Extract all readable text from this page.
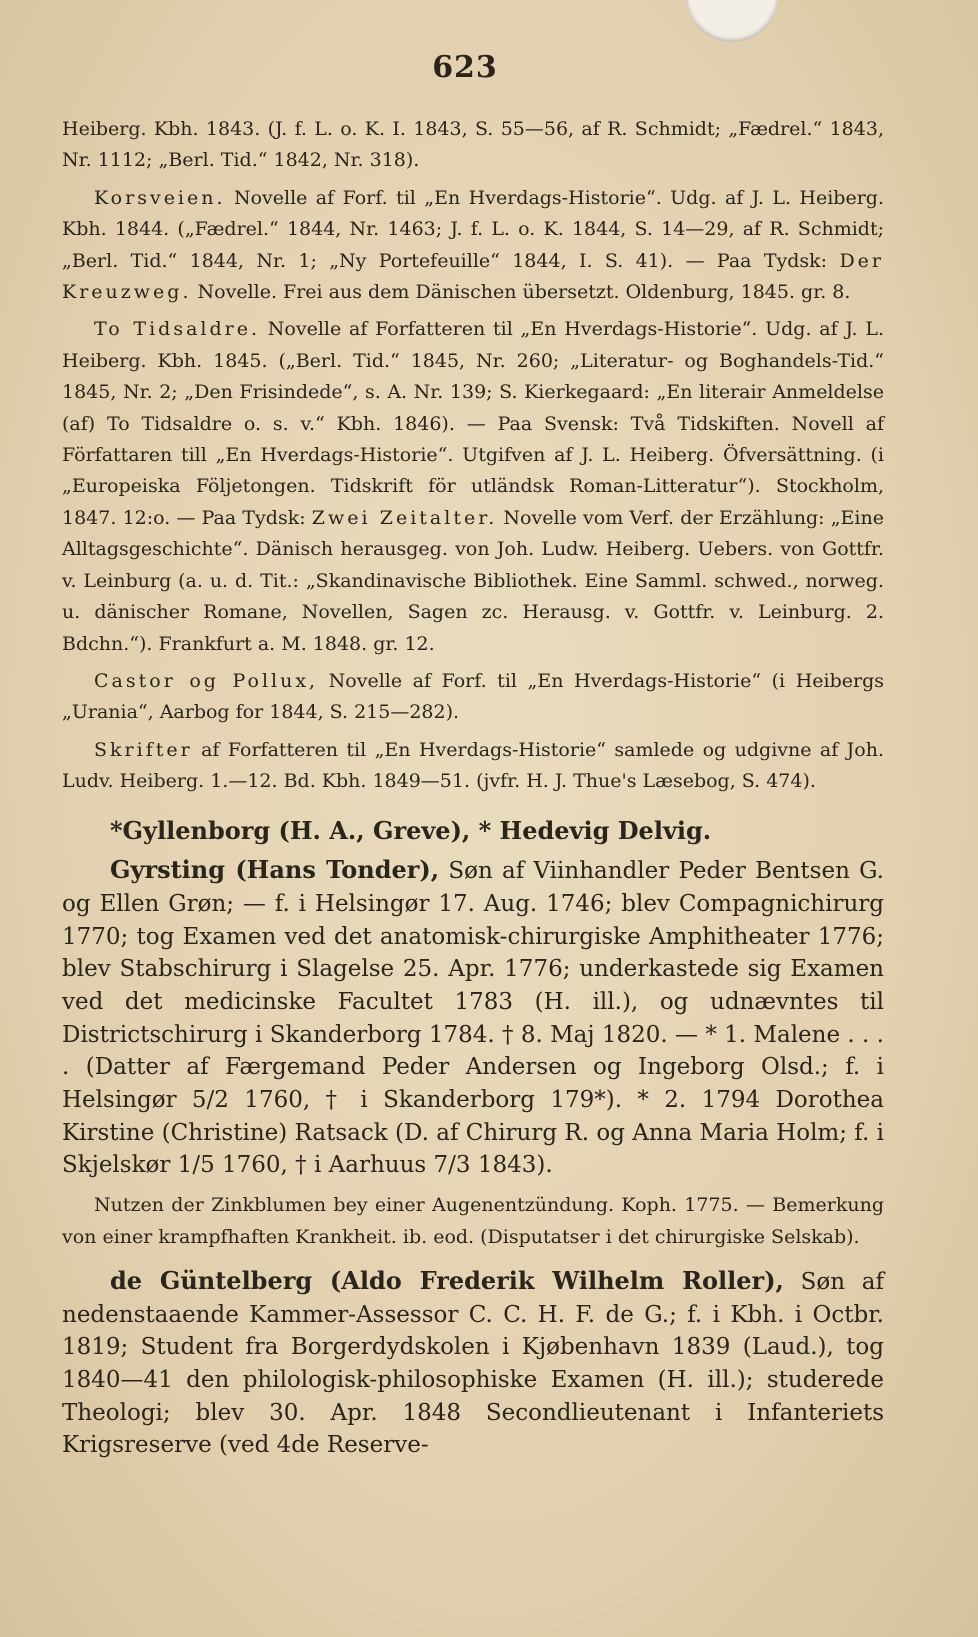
623

Heiberg. Kbh. 1843. (J. f. L. o. K. I. 1843, S. 55—56, af R. Schmidt; „Fædrel.“ 1843, Nr. 1112; „Berl. Tid.“ 1842, Nr. 318).

Korsveien. Novelle af Forf. til „En Hverdags-Historie“. Udg. af J. L. Heiberg. Kbh. 1844. („Fædrel.“ 1844, Nr. 1463; J. f. L. o. K. 1844, S. 14—29, af R. Schmidt; „Berl. Tid.“ 1844, Nr. 1; „Ny Portefeuille“ 1844, I. S. 41). — Paa Tydsk: Der Kreuzweg. Novelle. Frei aus dem Dänischen übersetzt. Oldenburg, 1845. gr. 8.

To Tidsaldre. Novelle af Forfatteren til „En Hverdags-Historie“. Udg. af J. L. Heiberg. Kbh. 1845. („Berl. Tid.“ 1845, Nr. 260; „Literatur- og Boghandels-Tid.“ 1845, Nr. 2; „Den Frisindede“, s. A. Nr. 139; S. Kierkegaard: „En literair Anmeldelse (af) To Tidsaldre o. s. v.“ Kbh. 1846). — Paa Svensk: Två Tidskiften. Novell af Författaren till „En Hverdags-Historie“. Utgifven af J. L. Heiberg. Öfversättning. (i „Europeiska Följetongen. Tidskrift för utländsk Roman-Litteratur“). Stockholm, 1847. 12:o. — Paa Tydsk: Zwei Zeitalter. Novelle vom Verf. der Erzählung: „Eine Alltagsgeschichte“. Dänisch herausgeg. von Joh. Ludw. Heiberg. Uebers. von Gottfr. v. Leinburg (a. u. d. Tit.: „Skandinavische Bibliothek. Eine Samml. schwed., norweg. u. dänischer Romane, Novellen, Sagen zc. Herausg. v. Gottfr. v. Leinburg. 2. Bdchn.“). Frankfurt a. M. 1848. gr. 12.

Castor og Pollux, Novelle af Forf. til „En Hverdags-Historie“ (i Heibergs „Urania“, Aarbog for 1844, S. 215—282).

Skrifter af Forfatteren til „En Hverdags-Historie“ samlede og udgivne af Joh. Ludv. Heiberg. 1.—12. Bd. Kbh. 1849—51. (jvfr. H. J. Thue's Læsebog, S. 474).

*Gyllenborg (H. A., Greve), * Hedevig Delvig.

Gyrsting (Hans Tonder), Søn af Viinhandler Peder Bentsen G. og Ellen Grøn; — f. i Helsingør 17. Aug. 1746; blev Compagnichirurg 1770; tog Examen ved det anatomisk-chirurgiske Amphitheater 1776; blev Stabschirurg i Slagelse 25. Apr. 1776; underkastede sig Examen ved det medicinske Facultet 1783 (H. ill.), og udnævntes til Districtschirurg i Skanderborg 1784. † 8. Maj 1820. — * 1. Malene . . . . (Datter af Færgemand Peder Andersen og Ingeborg Olsd.; f. i Helsingør 5/2 1760, † i Skanderborg 179*). * 2. 1794 Dorothea Kirstine (Christine) Ratsack (D. af Chirurg R. og Anna Maria Holm; f. i Skjelskør 1/5 1760, † i Aarhuus 7/3 1843).

Nutzen der Zinkblumen bey einer Augenentzündung. Koph. 1775. — Bemerkung von einer krampfhaften Krankheit. ib. eod. (Disputatser i det chirurgiske Selskab).

de Güntelberg (Aldo Frederik Wilhelm Roller), Søn af nedenstaaende Kammer-Assessor C. C. H. F. de G.; f. i Kbh. i Octbr. 1819; Student fra Borgerdydskolen i Kjøbenhavn 1839 (Laud.), tog 1840—41 den philologisk-philosophiske Examen (H. ill.); studerede Theologi; blev 30. Apr. 1848 Secondlieutenant i Infanteriets Krigsreserve (ved 4de Reserve-
